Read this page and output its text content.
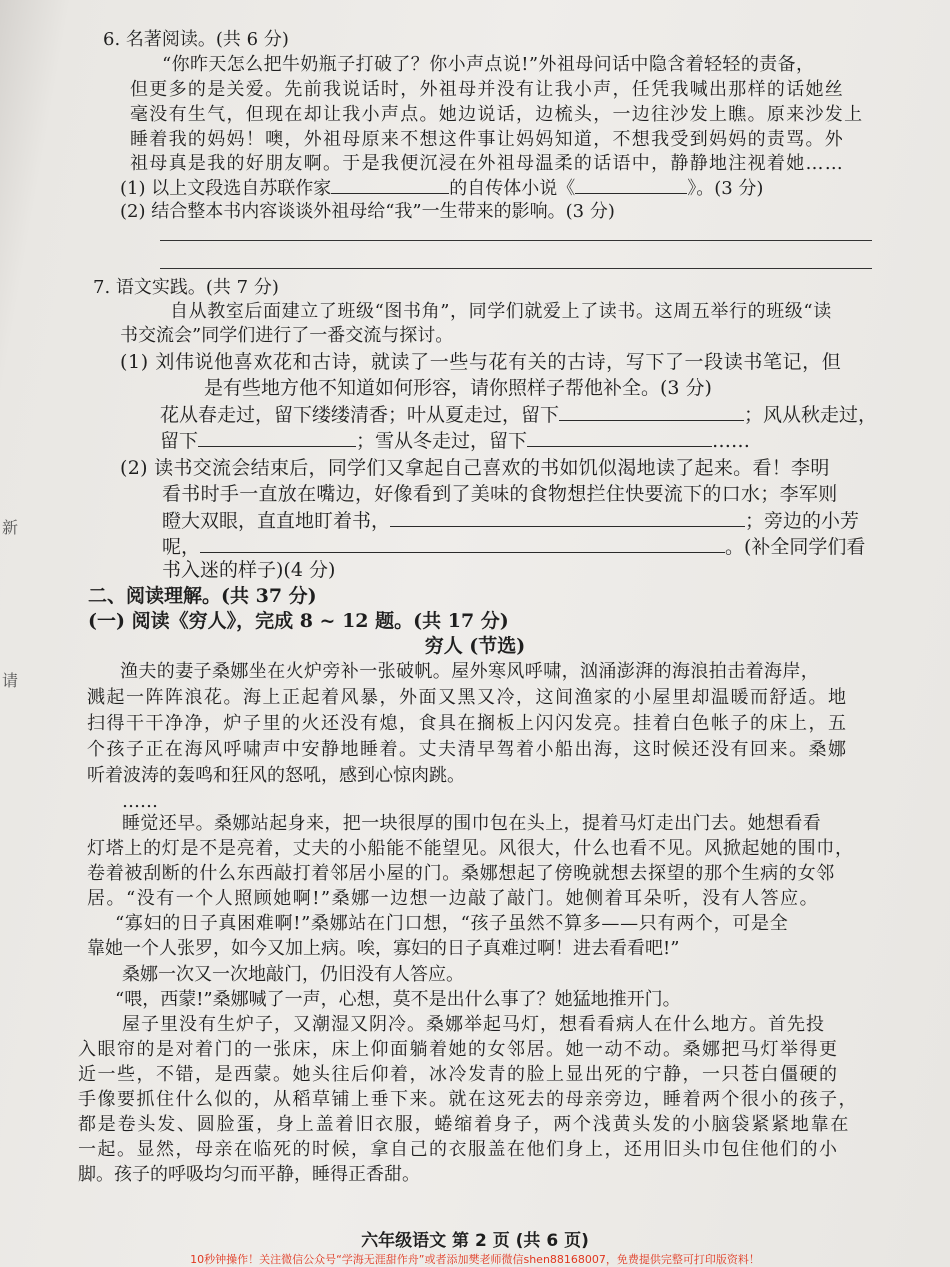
新
请
6. 名著阅读。(共 6 分)
“你昨天怎么把牛奶瓶子打破了？你小声点说!”外祖母问话中隐含着轻轻的责备，
但更多的是关爱。先前我说话时，外祖母并没有让我小声，任凭我喊出那样的话她丝
毫没有生气，但现在却让我小声点。她边说话，边梳头，一边往沙发上瞧。原来沙发上
睡着我的妈妈！噢，外祖母原来不想这件事让妈妈知道，不想我受到妈妈的责骂。外
祖母真是我的好朋友啊。于是我便沉浸在外祖母温柔的话语中，静静地注视着她……
(1) 以上文段选自苏联作家	的自传体小说《	》。(3 分)
(2) 结合整本书内容谈谈外祖母给“我”一生带来的影响。(3 分)
7. 语文实践。(共 7 分)
自从教室后面建立了班级“图书角”，同学们就爱上了读书。这周五举行的班级“读
书交流会”同学们进行了一番交流与探讨。
(1) 刘伟说他喜欢花和古诗，就读了一些与花有关的古诗，写下了一段读书笔记，但
是有些地方他不知道如何形容，请你照样子帮他补全。(3 分)
花从春走过，留下缕缕清香；叶从夏走过，留下	；风从秋走过，
留下	；雪从冬走过，留下	……
(2) 读书交流会结束后，同学们又拿起自己喜欢的书如饥似渴地读了起来。看！李明
看书时手一直放在嘴边，好像看到了美味的食物想拦住快要流下的口水；李军则
瞪大双眼，直直地盯着书，	；旁边的小芳
呢，	。(补全同学们看
书入迷的样子)(4 分)
二、阅读理解。(共 37 分)
(一) 阅读《穷人》，完成 8 ~ 12 题。(共 17 分)
穷人 (节选)
渔夫的妻子桑娜坐在火炉旁补一张破帆。屋外寒风呼啸，汹涌澎湃的海浪拍击着海岸，
溅起一阵阵浪花。海上正起着风暴，外面又黑又冷，这间渔家的小屋里却温暖而舒适。地
扫得干干净净，炉子里的火还没有熄，食具在搁板上闪闪发亮。挂着白色帐子的床上，五
个孩子正在海风呼啸声中安静地睡着。丈夫清早驾着小船出海，这时候还没有回来。桑娜
听着波涛的轰鸣和狂风的怒吼，感到心惊肉跳。
……
睡觉还早。桑娜站起身来，把一块很厚的围巾包在头上，提着马灯走出门去。她想看看
灯塔上的灯是不是亮着，丈夫的小船能不能望见。风很大，什么也看不见。风掀起她的围巾，
卷着被刮断的什么东西敲打着邻居小屋的门。桑娜想起了傍晚就想去探望的那个生病的女邻
居。“没有一个人照顾她啊!”桑娜一边想一边敲了敲门。她侧着耳朵听，没有人答应。
“寡妇的日子真困难啊!”桑娜站在门口想，“孩子虽然不算多——只有两个，可是全
靠她一个人张罗，如今又加上病。唉，寡妇的日子真难过啊！进去看看吧!”
桑娜一次又一次地敲门，仍旧没有人答应。
“喂，西蒙!”桑娜喊了一声，心想，莫不是出什么事了？她猛地推开门。
屋子里没有生炉子，又潮湿又阴冷。桑娜举起马灯，想看看病人在什么地方。首先投
入眼帘的是对着门的一张床，床上仰面躺着她的女邻居。她一动不动。桑娜把马灯举得更
近一些，不错，是西蒙。她头往后仰着，冰冷发青的脸上显出死的宁静，一只苍白僵硬的
手像要抓住什么似的，从稻草铺上垂下来。就在这死去的母亲旁边，睡着两个很小的孩子，
都是卷头发、圆脸蛋，身上盖着旧衣服，蜷缩着身子，两个浅黄头发的小脑袋紧紧地靠在
一起。显然，母亲在临死的时候，拿自己的衣服盖在他们身上，还用旧头巾包住他们的小
脚。孩子的呼吸均匀而平静，睡得正香甜。
六年级语文 第 2 页 (共 6 页)
10秒钟操作！关注微信公众号“学海无涯甜作舟”或者添加樊老师微信shen88168007，免费提供完整可打印版资料！
